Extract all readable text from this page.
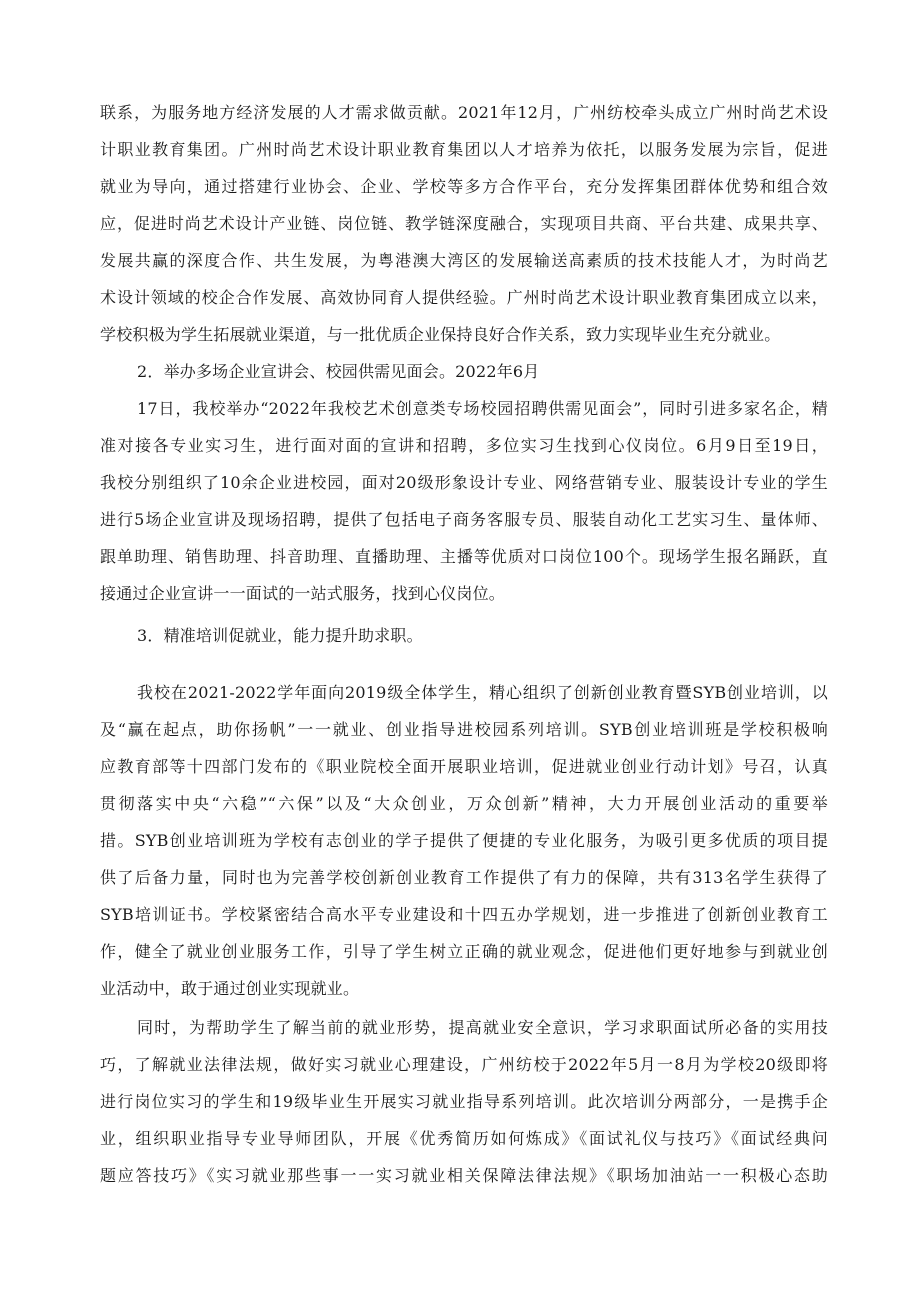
联系，为服务地方经济发展的人才需求做贡献。2021年12月，广州纺校牵头成立广州时尚艺术设
计职业教育集团。广州时尚艺术设计职业教育集团以人才培养为依托，以服务发展为宗旨，促进
就业为导向，通过搭建行业协会、企业、学校等多方合作平台，充分发挥集团群体优势和组合效
应，促进时尚艺术设计产业链、岗位链、教学链深度融合，实现项目共商、平台共建、成果共享、
发展共赢的深度合作、共生发展，为粤港澳大湾区的发展输送高素质的技术技能人才，为时尚艺
术设计领域的校企合作发展、高效协同育人提供经验。广州时尚艺术设计职业教育集团成立以来，
学校积极为学生拓展就业渠道，与一批优质企业保持良好合作关系，致力实现毕业生充分就业。
2．举办多场企业宣讲会、校园供需见面会。2022年6月
17日，我校举办“2022年我校艺术创意类专场校园招聘供需见面会”，同时引进多家名企，精
准对接各专业实习生，进行面对面的宣讲和招聘，多位实习生找到心仪岗位。6月9日至19日，
我校分别组织了10余企业进校园，面对20级形象设计专业、网络营销专业、服装设计专业的学生
进行5场企业宣讲及现场招聘，提供了包括电子商务客服专员、服装自动化工艺实习生、量体师、
跟单助理、销售助理、抖音助理、直播助理、主播等优质对口岗位100个。现场学生报名踊跃，直
接通过企业宣讲一一面试的一站式服务，找到心仪岗位。
3．精准培训促就业，能力提升助求职。
我校在2021-2022学年面向2019级全体学生，精心组织了创新创业教育暨SYB创业培训，以
及“赢在起点，助你扬帆”一一就业、创业指导进校园系列培训。SYB创业培训班是学校积极响
应教育部等十四部门发布的《职业院校全面开展职业培训，促进就业创业行动计划》号召，认真
贯彻落实中央“六稳”“六保”以及“大众创业，万众创新”精神，大力开展创业活动的重要举
措。SYB创业培训班为学校有志创业的学子提供了便捷的专业化服务，为吸引更多优质的项目提
供了后备力量，同时也为完善学校创新创业教育工作提供了有力的保障，共有313名学生获得了
SYB培训证书。学校紧密结合高水平专业建设和十四五办学规划，进一步推进了创新创业教育工
作，健全了就业创业服务工作，引导了学生树立正确的就业观念，促进他们更好地参与到就业创
业活动中，敢于通过创业实现就业。
同时，为帮助学生了解当前的就业形势，提高就业安全意识，学习求职面试所必备的实用技
巧，了解就业法律法规，做好实习就业心理建设，广州纺校于2022年5月一8月为学校20级即将
进行岗位实习的学生和19级毕业生开展实习就业指导系列培训。此次培训分两部分，一是携手企
业，组织职业指导专业导师团队，开展《优秀简历如何炼成》《面试礼仪与技巧》《面试经典问
题应答技巧》《实习就业那些事一一实习就业相关保障法律法规》《职场加油站一一积极心态助
